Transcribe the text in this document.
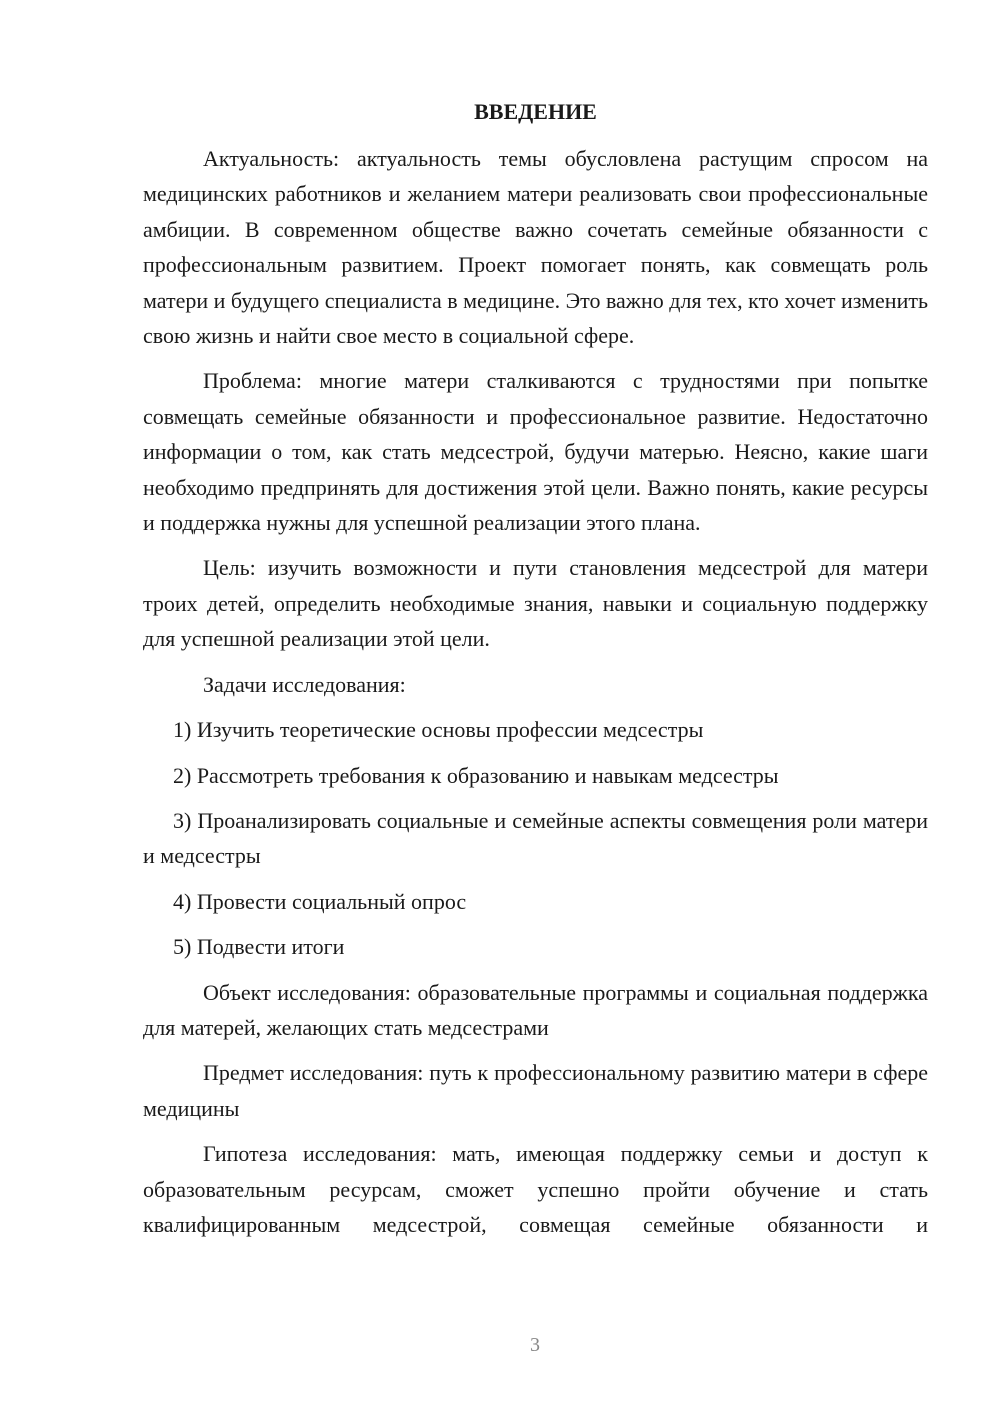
ВВЕДЕНИЕ

Актуальность: актуальность темы обусловлена растущим спросом на медицинских работников и желанием матери реализовать свои профессиональные амбиции. В современном обществе важно сочетать семейные обязанности с профессиональным развитием. Проект помогает понять, как совмещать роль матери и будущего специалиста в медицине. Это важно для тех, кто хочет изменить свою жизнь и найти свое место в социальной сфере.

Проблема: многие матери сталкиваются с трудностями при попытке совмещать семейные обязанности и профессиональное развитие. Недостаточно информации о том, как стать медсестрой, будучи матерью. Неясно, какие шаги необходимо предпринять для достижения этой цели. Важно понять, какие ресурсы и поддержка нужны для успешной реализации этого плана.

Цель: изучить возможности и пути становления медсестрой для матери троих детей, определить необходимые знания, навыки и социальную поддержку для успешной реализации этой цели.

Задачи исследования:

1) Изучить теоретические основы профессии медсестры

2) Рассмотреть требования к образованию и навыкам медсестры

3) Проанализировать социальные и семейные аспекты совмещения роли матери и медсестры

4) Провести социальный опрос

5) Подвести итоги

Объект исследования: образовательные программы и социальная поддержка для матерей, желающих стать медсестрами

Предмет исследования: путь к профессиональному развитию матери в сфере медицины

Гипотеза исследования: мать, имеющая поддержку семьи и доступ к образовательным ресурсам, сможет успешно пройти обучение и стать квалифицированным медсестрой, совмещая семейные обязанности и

3
